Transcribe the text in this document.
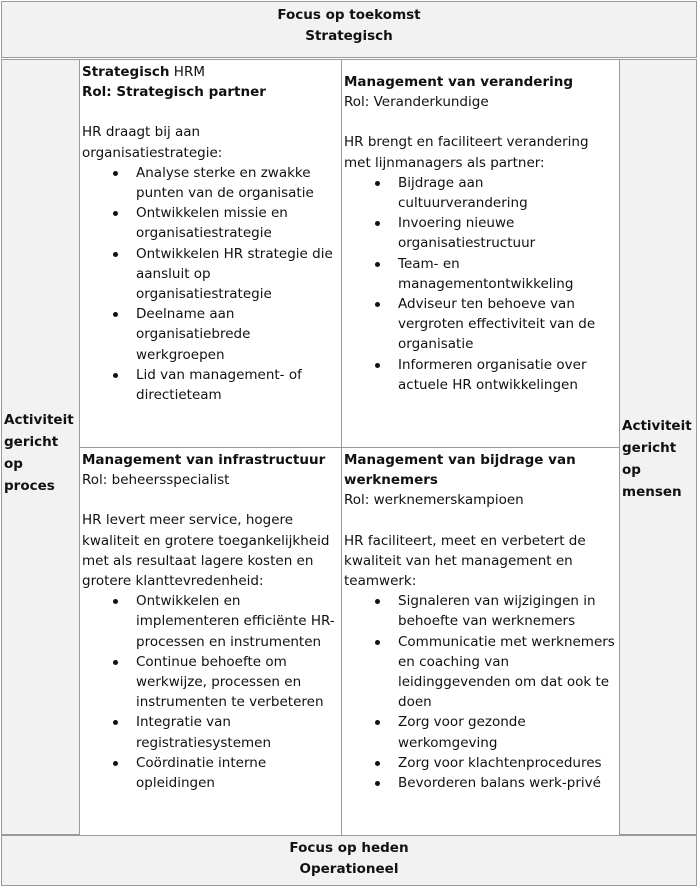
Focus op toekomst
Strategisch
Activiteit gericht op proces
Strategisch HRM
Rol: Strategisch partner
HR draagt bij aan organisatiestrategie:
Analyse sterke en zwakke punten van de organisatie
Ontwikkelen missie en organisatiestrategie
Ontwikkelen HR strategie die aansluit op organisatiestrategie
Deelname aan organisatiebrede werkgroepen
Lid van management- of directieteam
Management van verandering
Rol: Veranderkundige
HR brengt en faciliteert verandering met lijnmanagers als partner:
Bijdrage aan cultuurverandering
Invoering nieuwe organisatiestructuur
Team- en managementontwikkeling
Adviseur ten behoeve van vergroten effectiviteit van de organisatie
Informeren organisatie over actuele HR ontwikkelingen
Management van infrastructuur
Rol: beheersspecialist
HR levert meer service, hogere kwaliteit en grotere toegankelijkheid met als resultaat lagere kosten en grotere klanttevredenheid:
Ontwikkelen en implementeren efficiënte HR-processen en instrumenten
Continue behoefte om werkwijze, processen en instrumenten te verbeteren
Integratie van registratiesystemen
Coördinatie interne opleidingen
Management van bijdrage van werknemers
Rol: werknemerskampioen
HR faciliteert, meet en verbetert de kwaliteit van het management en teamwerk:
Signaleren van wijzigingen in behoefte van werknemers
Communicatie met werknemers en coaching van leidinggevenden om dat ook te doen
Zorg voor gezonde werkomgeving
Zorg voor klachtenprocedures
Bevorderen balans werk-privé
Activiteit gericht op mensen
Focus op heden
Operationeel
